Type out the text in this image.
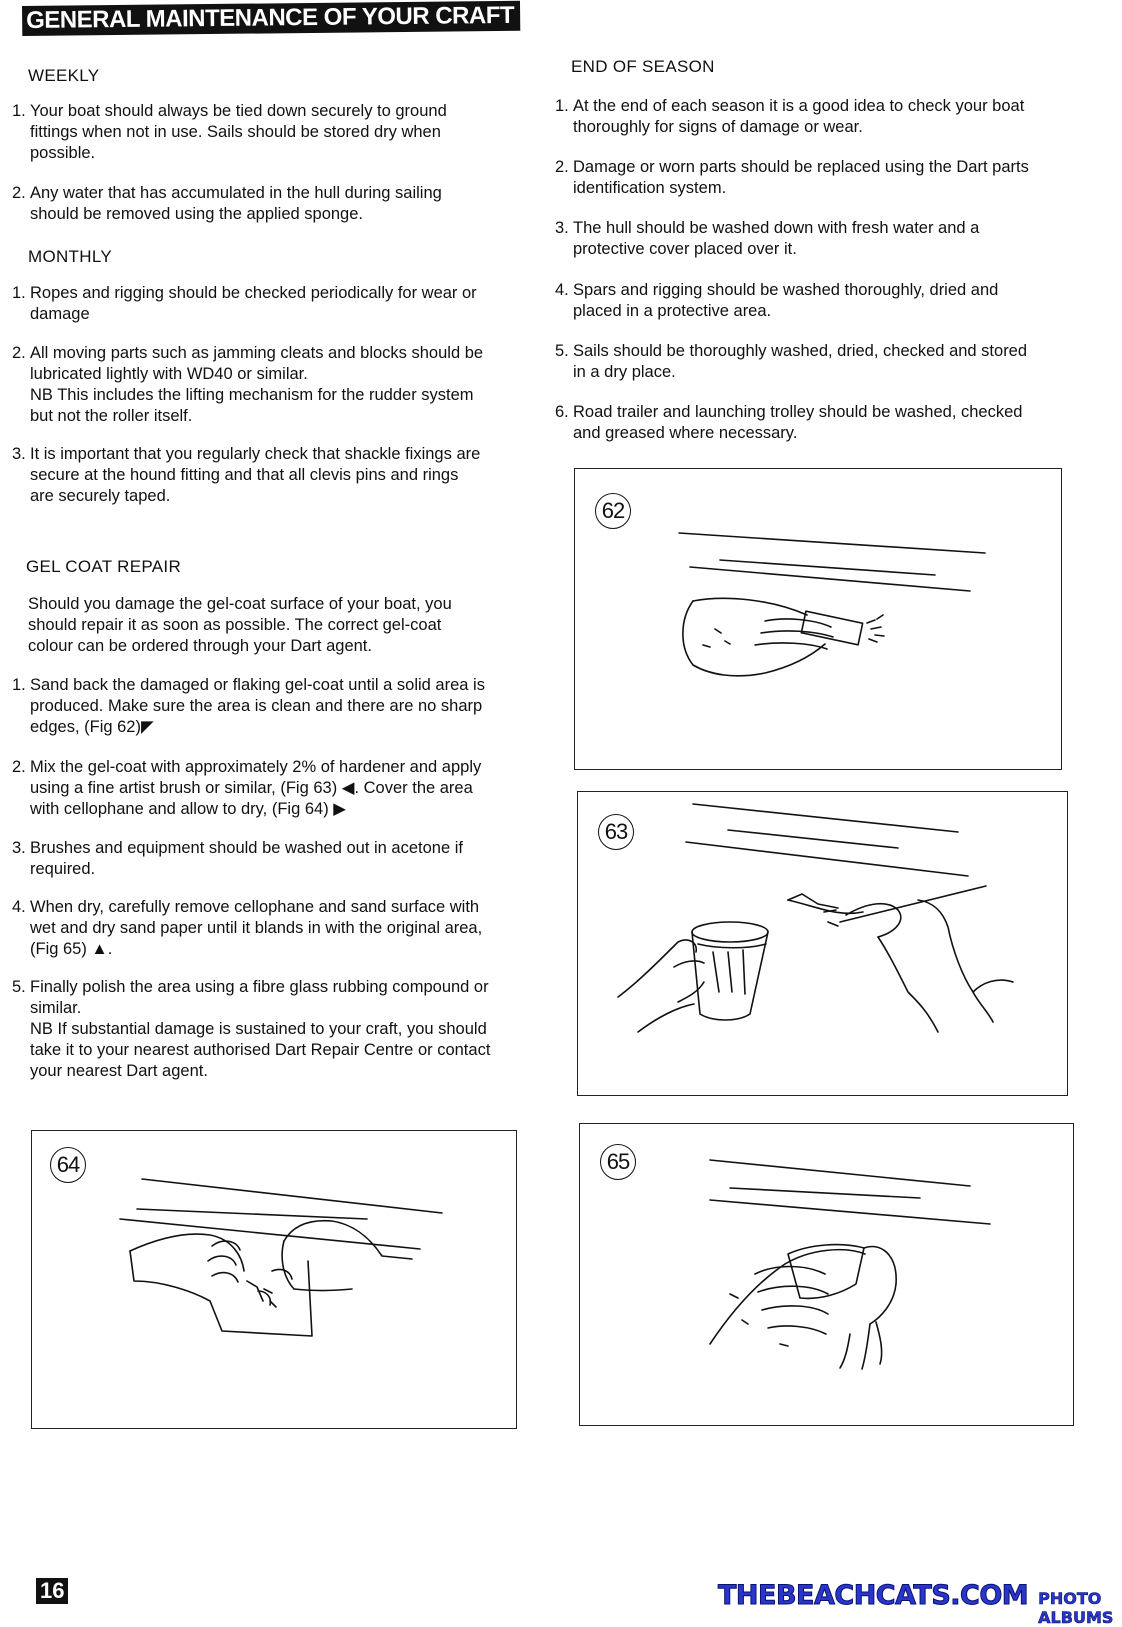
GENERAL MAINTENANCE OF YOUR CRAFT
WEEKLY
1. Your boat should always be tied down securely to ground fittings when not in use. Sails should be stored dry when possible.
2. Any water that has accumulated in the hull during sailing should be removed using the applied sponge.
MONTHLY
1. Ropes and rigging should be checked periodically for wear or damage
2. All moving parts such as jamming cleats and blocks should be lubricated lightly with WD40 or similar.
NB This includes the lifting mechanism for the rudder system but not the roller itself.
3. It is important that you regularly check that shackle fixings are secure at the hound fitting and that all clevis pins and rings are securely taped.
GEL COAT REPAIR
Should you damage the gel-coat surface of your boat, you should repair it as soon as possible. The correct gel-coat colour can be ordered through your Dart agent.
1. Sand back the damaged or flaking gel-coat until a solid area is produced. Make sure the area is clean and there are no sharp edges, (Fig 62)◤
2. Mix the gel-coat with approximately 2% of hardener and apply using a fine artist brush or similar, (Fig 63) ◀. Cover the area with cellophane and allow to dry, (Fig 64) ▶
3. Brushes and equipment should be washed out in acetone if required.
4. When dry, carefully remove cellophane and sand surface with wet and dry sand paper until it blands in with the original area, (Fig 65) ▲.
5. Finally polish the area using a fibre glass rubbing compound or similar.
NB If substantial damage is sustained to your craft, you should take it to your nearest authorised Dart Repair Centre or contact your nearest Dart agent.
END OF SEASON
1. At the end of each season it is a good idea to check your boat thoroughly for signs of damage or wear.
2. Damage or worn parts should be replaced using the Dart parts identification system.
3. The hull should be washed down with fresh water and a protective cover placed over it.
4. Spars and rigging should be washed thoroughly, dried and placed in a protective area.
5. Sails should be thoroughly washed, dried, checked and stored in a dry place.
6. Road trailer and launching trolley should be washed, checked and greased where necessary.
62
63
64	65
16	THEBEACHCATS.COM PHOTO ALBUMS
